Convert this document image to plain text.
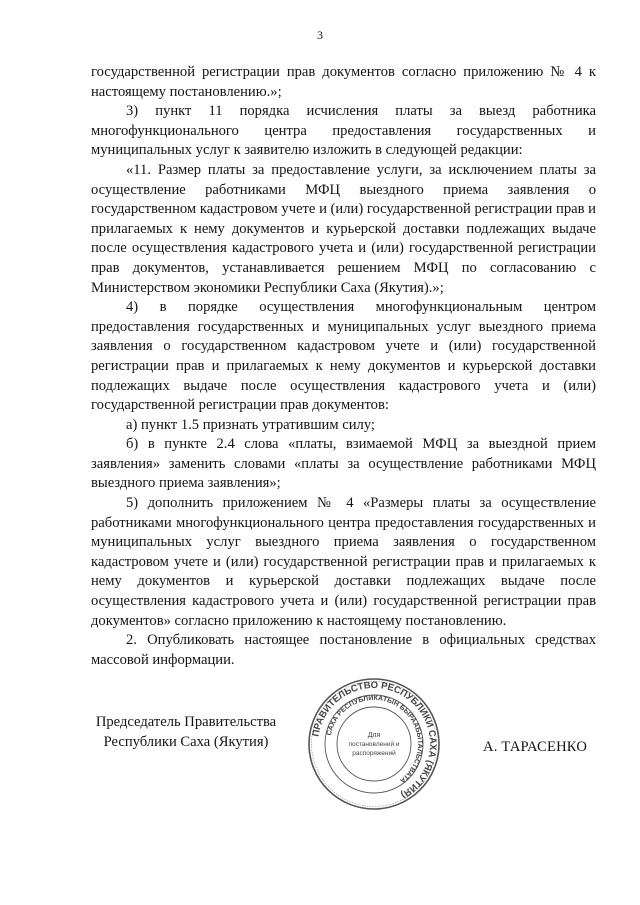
3

государственной регистрации прав документов согласно приложению № 4 к настоящему постановлению.»;

3) пункт 11 порядка исчисления платы за выезд работника многофункционального центра предоставления государственных и муниципальных услуг к заявителю изложить в следующей редакции:

«11. Размер платы за предоставление услуги, за исключением платы за осуществление работниками МФЦ выездного приема заявления о государственном кадастровом учете и (или) государственной регистрации прав и прилагаемых к нему документов и курьерской доставки подлежащих выдаче после осуществления кадастрового учета и (или) государственной регистрации прав документов, устанавливается решением МФЦ по согласованию с Министерством экономики Республики Саха (Якутия).»;

4) в порядке осуществления многофункциональным центром предоставления государственных и муниципальных услуг выездного приема заявления о государственном кадастровом учете и (или) государственной регистрации прав и прилагаемых к нему документов и курьерской доставки подлежащих выдаче после осуществления кадастрового учета и (или) государственной регистрации прав документов:

а) пункт 1.5 признать утратившим силу;

б) в пункте 2.4 слова «платы, взимаемой МФЦ за выездной прием заявления» заменить словами «платы за осуществление работниками МФЦ выездного приема заявления»;

5) дополнить приложением № 4 «Размеры платы за осуществление работниками многофункционального центра предоставления государственных и муниципальных услуг выездного приема заявления о государственном кадастровом учете и (или) государственной регистрации прав и прилагаемых к нему документов и курьерской доставки подлежащих выдаче после осуществления кадастрового учета и (или) государственной регистрации прав документов» согласно приложению к настоящему постановлению.

2. Опубликовать настоящее постановление в официальных средствах массовой информации.

Председатель Правительства
Республики Саха (Якутия)	А. ТАРАСЕНКО
ПРАВИТЕЛЬСТВО РЕСПУБЛИКИ САХА (ЯКУТИЯ)
САХА РЕСПУБЛИКАТЫН БЫРААБЫТАЛЬСТВАТА
Для
постановлений и
распоряжений
